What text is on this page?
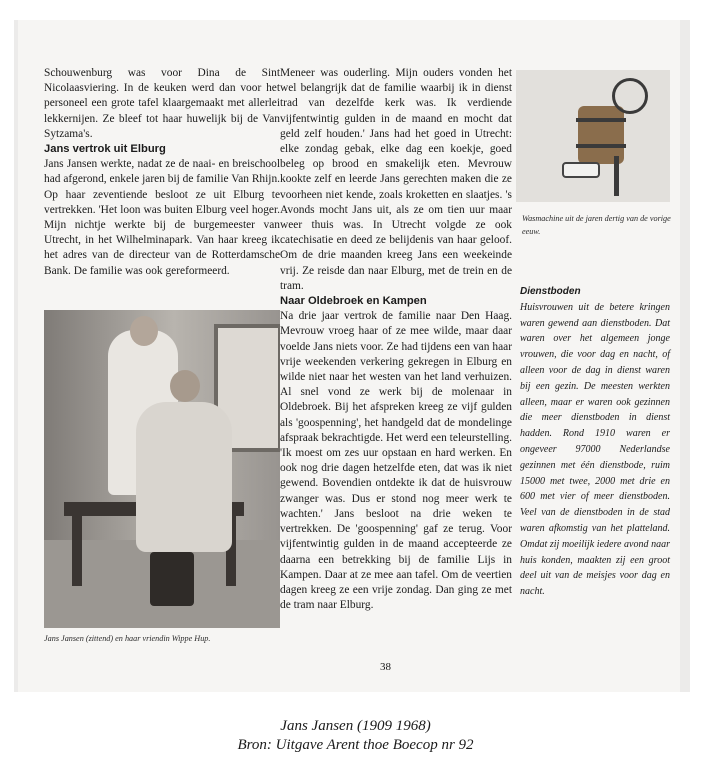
Schouwenburg was voor Dina de Sint Nicolaasviering. In de keuken werd dan voor het personeel een grote tafel klaargemaakt met allerlei lekkernijen. Ze bleef tot haar huwelijk bij de Van Sytzama's.

Jans vertrok uit Elburg

Jans Jansen werkte, nadat ze de naai- en breischool had afgerond, enkele jaren bij de familie Van Rhijn. Op haar zeventiende besloot ze uit Elburg te vertrekken. 'Het loon was buiten Elburg veel hoger. Mijn nichtje werkte bij de burgemeester van Utrecht, in het Wilhelminapark. Van haar kreeg ik het adres van de directeur van de Rotterdamsche Bank. De familie was ook gereformeerd.

Jans Jansen (zittend) en haar vriendin Wippe Hup.

Meneer was ouderling. Mijn ouders vonden het wel belangrijk dat de familie waarbij ik in dienst trad van dezelfde kerk was. Ik verdiende vijfentwintig gulden in de maand en mocht dat geld zelf houden.' Jans had het goed in Utrecht: elke zondag gebak, elke dag een koekje, goed beleg op brood en smakelijk eten. Mevrouw kookte zelf en leerde Jans gerechten maken die ze voorheen niet kende, zoals kroketten en slaatjes. 's Avonds mocht Jans uit, als ze om tien uur maar weer thuis was. In Utrecht volgde ze ook catechisatie en deed ze belijdenis van haar geloof. Om de drie maanden kreeg Jans een weekeinde vrij. Ze reisde dan naar Elburg, met de trein en de tram.

Naar Oldebroek en Kampen

Na drie jaar vertrok de familie naar Den Haag. Mevrouw vroeg haar of ze mee wilde, maar daar voelde Jans niets voor. Ze had tijdens een van haar vrije weekenden verkering gekregen in Elburg en wilde niet naar het westen van het land verhuizen. Al snel vond ze werk bij de molenaar in Oldebroek. Bij het afspreken kreeg ze vijf gulden als 'goospenning', het handgeld dat de mondelinge afspraak bekrachtigde. Het werd een teleurstelling. 'Ik moest om zes uur opstaan en hard werken. En ook nog drie dagen hetzelfde eten, dat was ik niet gewend. Bovendien ontdekte ik dat de huisvrouw zwanger was. Dus er stond nog meer werk te wachten.' Jans besloot na drie weken te vertrekken. De 'goospenning' gaf ze terug. Voor vijfentwintig gulden in de maand accepteerde ze daarna een betrekking bij de familie Lijs in Kampen. Daar at ze mee aan tafel. Om de veertien dagen kreeg ze een vrije zondag. Dan ging ze met de tram naar Elburg.

Wasmachine uit de jaren dertig van de vorige eeuw.

Dienstboden

Huisvrouwen uit de betere kringen waren gewend aan dienstboden. Dat waren over het algemeen jonge vrouwen, die voor dag en nacht, of alleen voor de dag in dienst waren bij een gezin. De meesten werkten alleen, maar er waren ook gezinnen die meer dienstboden in dienst hadden. Rond 1910 waren er ongeveer 97000 Nederlandse gezinnen met één dienstbode, ruim 15000 met twee, 2000 met drie en 600 met vier of meer dienstboden. Veel van de dienstboden in de stad waren afkomstig van het platteland. Omdat zij moeilijk iedere avond naar huis konden, maakten zij een groot deel uit van de meisjes voor dag en nacht.

38
Jans Jansen (1909 1968)
Bron: Uitgave Arent thoe Boecop nr 92
